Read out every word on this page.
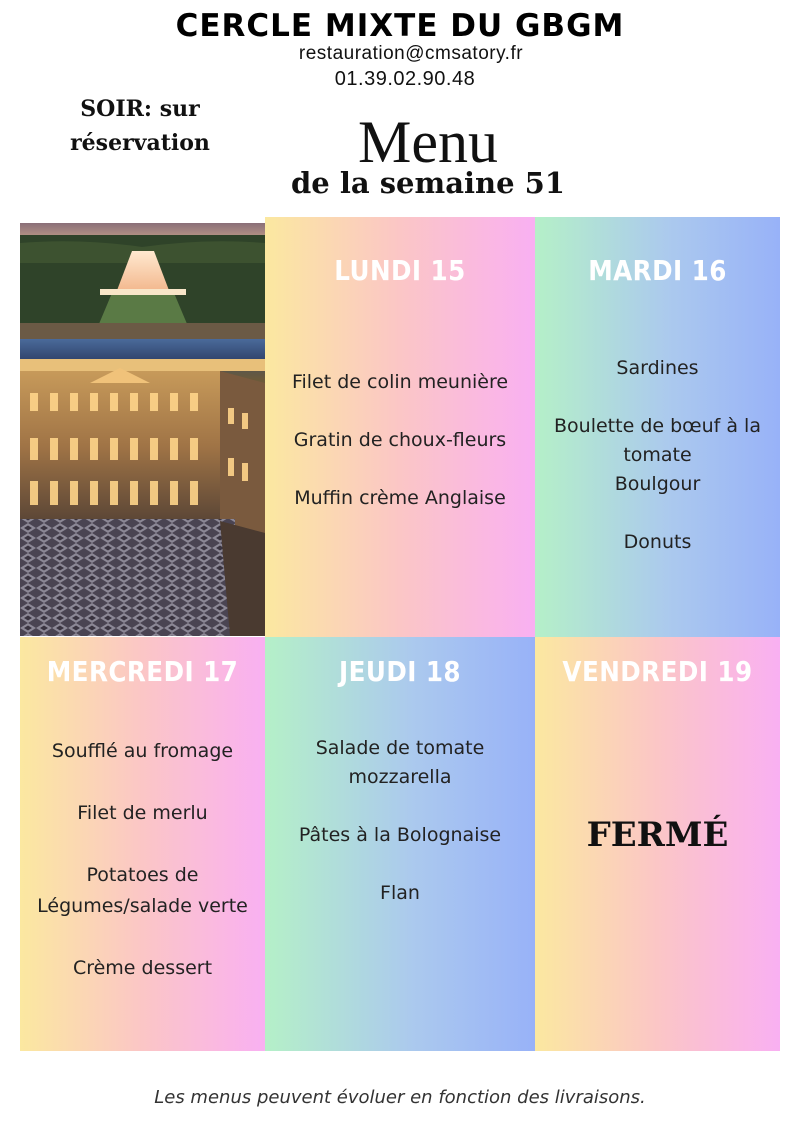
CERCLE MIXTE DU GBGM
restauration@cmsatory.fr
01.39.02.90.48
SOIR: sur
réservation	Menu
de la semaine 51
LUNDI 15
Filet de colin meunière
Gratin de choux-fleurs
Muffin crème Anglaise
MARDI 16
Sardines
Boulette de bœuf à la
tomate
Boulgour
Donuts
MERCREDI 17
Soufflé au fromage
Filet de merlu
Potatoes de
Légumes/salade verte
Crème dessert
JEUDI 18
Salade de tomate
mozzarella
Pâtes à la Bolognaise
Flan
VENDREDI 19
FERMÉ
Les menus peuvent évoluer en fonction des livraisons.
